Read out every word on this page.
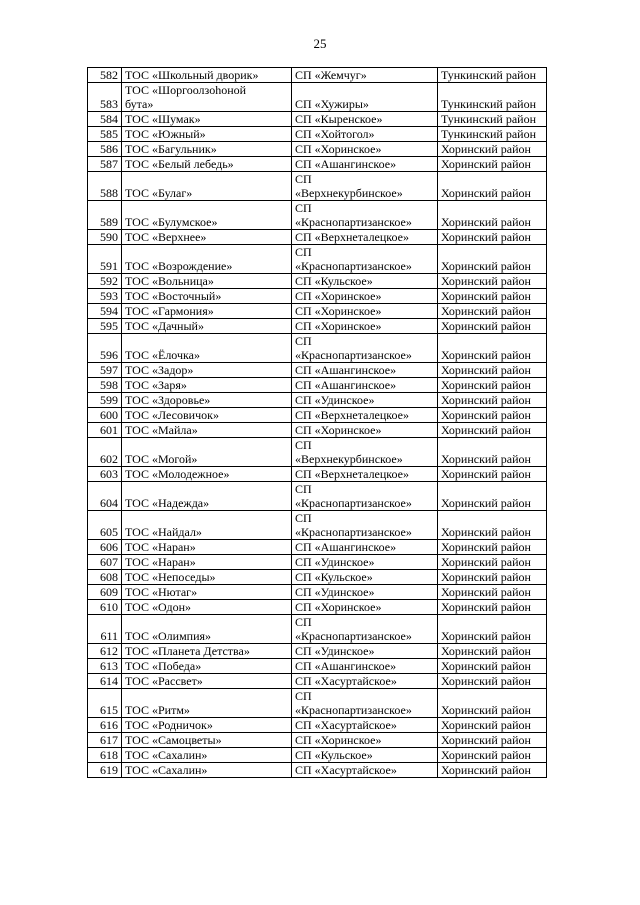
25
582	ТОС «Школьный дворик»	СП «Жемчуг»	Тункинский район
583	ТОС «Шоргоолзоhоной
бута»	СП «Хужиры»	Тункинский район
584	ТОС «Шумак»	СП «Кыренское»	Тункинский район
585	ТОС «Южный»	СП «Хойтогол»	Тункинский район
586	ТОС «Багульник»	СП «Хоринское»	Хоринский район
587	ТОС «Белый лебедь»	СП «Ашангинское»	Хоринский район
588	ТОС «Булаг»	СП
«Верхнекурбинское»	Хоринский район
589	ТОС «Булумское»	СП
«Краснопартизанское»	Хоринский район
590	ТОС «Верхнее»	СП «Верхнеталецкое»	Хоринский район
591	ТОС «Возрождение»	СП
«Краснопартизанское»	Хоринский район
592	ТОС «Вольница»	СП «Кульское»	Хоринский район
593	ТОС «Восточный»	СП «Хоринское»	Хоринский район
594	ТОС «Гармония»	СП «Хоринское»	Хоринский район
595	ТОС «Дачный»	СП «Хоринское»	Хоринский район
596	ТОС «Ёлочка»	СП
«Краснопартизанское»	Хоринский район
597	ТОС «Задор»	СП «Ашангинское»	Хоринский район
598	ТОС «Заря»	СП «Ашангинское»	Хоринский район
599	ТОС «Здоровье»	СП «Удинское»	Хоринский район
600	ТОС «Лесовичок»	СП «Верхнеталецкое»	Хоринский район
601	ТОС «Майла»	СП «Хоринское»	Хоринский район
602	ТОС «Могой»	СП
«Верхнекурбинское»	Хоринский район
603	ТОС «Молодежное»	СП «Верхнеталецкое»	Хоринский район
604	ТОС «Надежда»	СП
«Краснопартизанское»	Хоринский район
605	ТОС «Найдал»	СП
«Краснопартизанское»	Хоринский район
606	ТОС «Наран»	СП «Ашангинское»	Хоринский район
607	ТОС «Наран»	СП «Удинское»	Хоринский район
608	ТОС «Непоседы»	СП «Кульское»	Хоринский район
609	ТОС «Нютаг»	СП «Удинское»	Хоринский район
610	ТОС «Одон»	СП «Хоринское»	Хоринский район
611	ТОС «Олимпия»	СП
«Краснопартизанское»	Хоринский район
612	ТОС «Планета Детства»	СП «Удинское»	Хоринский район
613	ТОС «Победа»	СП «Ашангинское»	Хоринский район
614	ТОС «Рассвет»	СП «Хасуртайское»	Хоринский район
615	ТОС «Ритм»	СП
«Краснопартизанское»	Хоринский район
616	ТОС «Родничок»	СП «Хасуртайское»	Хоринский район
617	ТОС «Самоцветы»	СП «Хоринское»	Хоринский район
618	ТОС «Сахалин»	СП «Кульское»	Хоринский район
619	ТОС «Сахалин»	СП «Хасуртайское»	Хоринский район
